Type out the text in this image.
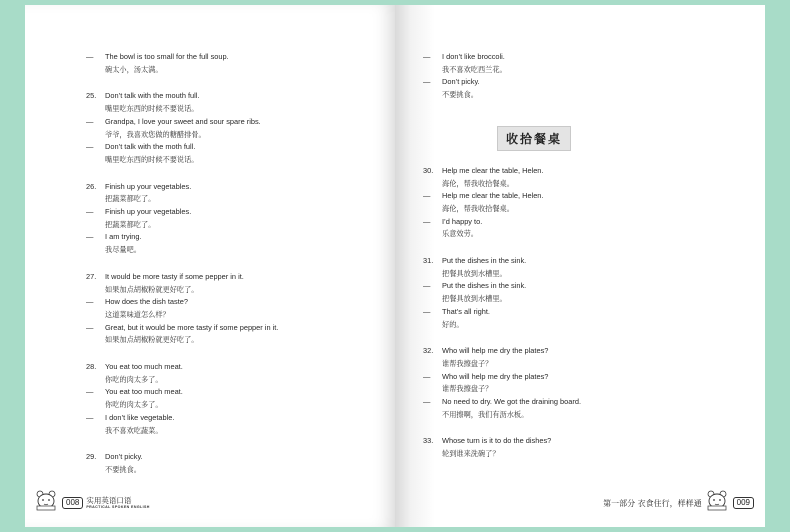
—	The bowl is too small for the full soup.
碗太小，汤太满。
25.	Don’t talk with the mouth full.
嘴里吃东西的时候不要说话。
—	Grandpa, I love your sweet and sour spare ribs.
爷爷，我喜欢您做的糖醋排骨。
—	Don’t talk with the moth full.
嘴里吃东西的时候不要说话。
26.	Finish up your vegetables.
把蔬菜都吃了。
—	Finish up your vegetables.
把蔬菜都吃了。
—	I am trying.
我尽量吧。
27.	It would be more tasty if some pepper in it.
如果加点胡椒粉就更好吃了。
—	How does the dish taste?
这道菜味道怎么样？
—	Great, but it would be more tasty if some pepper in it.
如果加点胡椒粉就更好吃了。
28.	You eat too much meat.
你吃的肉太多了。
—	You eat too much meat.
你吃的肉太多了。
—	I don’t like vegetable.
我不喜欢吃蔬菜。
29.	Don’t picky.
不要挑食。
008 实用英语口语
PRACTICAL SPOKEN ENGLISH
—	I don’t like broccoli.
我不喜欢吃西兰花。
—	Don’t picky.
不要挑食。
收拾餐桌
30.	Help me clear the table, Helen.
海伦，帮我收拾餐桌。
—	Help me clear the table, Helen.
海伦，帮我收拾餐桌。
—	I’d happy to.
乐意效劳。
31.	Put the dishes in the sink.
把餐具放到水槽里。
—	Put the dishes in the sink.
把餐具放到水槽里。
—	That’s all right.
好的。
32.	Who will help me dry the plates?
谁帮我擦盘子？
—	Who will help me dry the plates?
谁帮我擦盘子？
—	No need to dry. We got the draining board.
不用擦啊，我们有沥水板。
33.	Whose turn is it to do the dishes?
轮到谁来洗碗了？
第一部分 衣食住行，样样通	009
